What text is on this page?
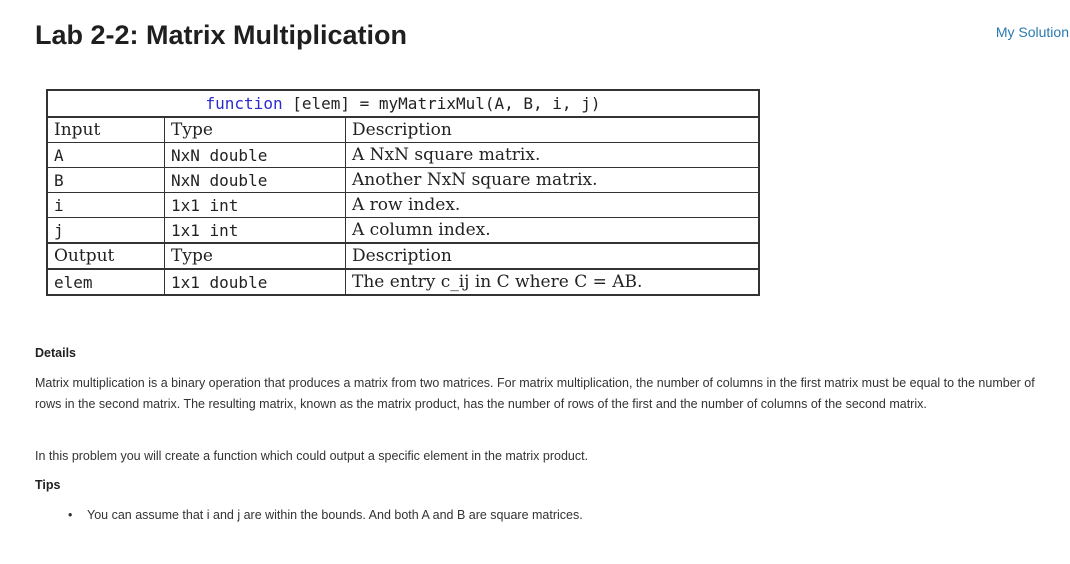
Lab 2-2: Matrix Multiplication	My Solution
function [elem] = myMatrixMul(A, B, i, j)		
Input	Type	Description
A	NxN double	A NxN square matrix.
B	NxN double	Another NxN square matrix.
i	1x1 int	A row index.
j	1x1 int	A column index.
Output	Type	Description
elem	1x1 double	The entry c_ij in C where C = AB.
Details

Matrix multiplication is a binary operation that produces a matrix from two matrices. For matrix multiplication, the number of columns in the first matrix must be equal to the number of rows in the second matrix. The resulting matrix, known as the matrix product, has the number of rows of the first and the number of columns of the second matrix.

In this problem you will create a function which could output a specific element in the matrix product.

Tips
• You can assume that i and j are within the bounds. And both A and B are square matrices.
